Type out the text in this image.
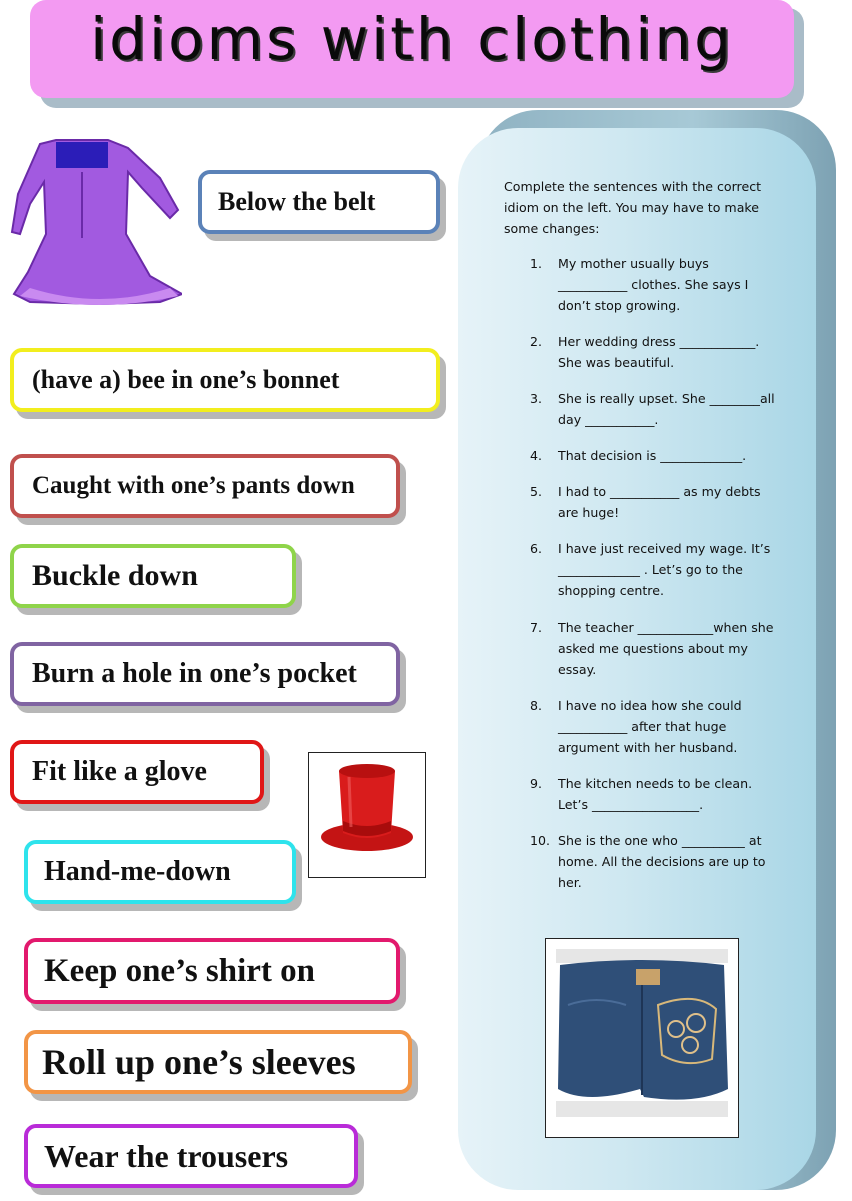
idioms with clothing
Below the belt
(have a) bee in one’s bonnet
Caught with one’s pants down
Buckle down
Burn a hole in one’s pocket
Fit like a glove
Hand-me-down
Keep one’s shirt on
Roll up one’s sleeves
Wear the trousers
Complete the sentences with the correct idiom on the left. You may have to make some changes:
1.	My mother usually buys ___________ clothes. She says I don’t stop growing.
2.	Her wedding dress ____________. She was beautiful.
3.	She is really upset. She ________all day ___________.
4.	That decision is _____________.
5.	I had to ___________ as my debts are huge!
6.	I have just received my wage. It’s _____________ . Let’s go to the shopping centre.
7.	The teacher ____________when she asked me questions about my essay.
8.	I have no idea how she could ___________ after that huge argument with her husband.
9.	The kitchen needs to be clean. Let’s _________________.
10. She is the one who __________ at home. All the decisions are up to her.
